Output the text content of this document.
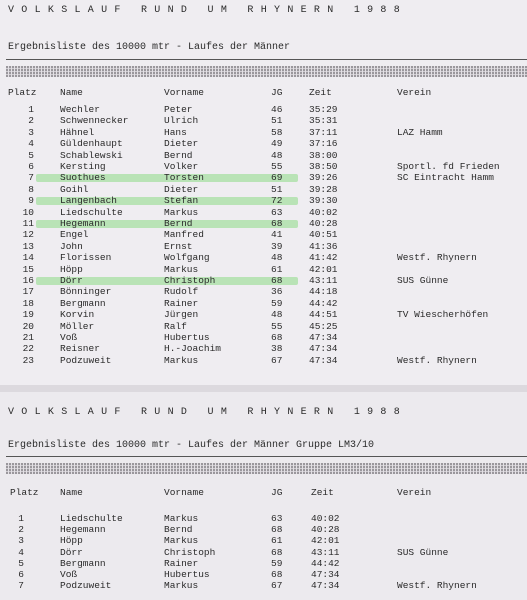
VOLKSLAUF RUND UM RHYNERN 1988
Ergebnisliste des 10000 mtr - Laufes der Männer
Platz Name	Vorname	JG	Zeit	Verein
1	Wechler	Peter	46	35:29
2	Schwennecker	Ulrich	51	35:31
3	Hähnel	Hans	58	37:11	LAZ Hamm
4	Güldenhaupt	Dieter	49	37:16
5	Schablewski	Bernd	48	38:00
6	Kersting	Volker	55	38:50	Sportl. fd Frieden
7	Suothues	Torsten	69	39:26	SC Eintracht Hamm
8	Goihl	Dieter	51	39:28
9	Langenbach	Stefan	72	39:30
10	Liedschulte	Markus	63	40:02
11	Hegemann	Bernd	68	40:28
12	Engel	Manfred	41	40:51
13	John	Ernst	39	41:36
14	Florissen	Wolfgang	48	41:42	Westf. Rhynern
15	Höpp	Markus	61	42:01
16	Dörr	Christoph	68	43:11	SUS Günne
17	Bönninger	Rudolf	36	44:18
18	Bergmann	Rainer	59	44:42
19	Korvin	Jürgen	48	44:51	TV Wiescherhöfen
20	Möller	Ralf	55	45:25
21	Voß	Hubertus	68	47:34
22	Reisner	H.-Joachim	38	47:34
23	Podzuweit	Markus	67	47:34	Westf. Rhynern
VOLKSLAUF RUND UM RHYNERN 1988
Ergebnisliste des 10000 mtr - Laufes der Männer Gruppe LM3/10
Platz Name	Vorname	JG	Zeit	Verein
1	Liedschulte	Markus	63	40:02
2	Hegemann	Bernd	68	40:28
3	Höpp	Markus	61	42:01
4	Dörr	Christoph	68	43:11	SUS Günne
5	Bergmann	Rainer	59	44:42
6	Voß	Hubertus	68	47:34
7	Podzuweit	Markus	67	47:34	Westf. Rhynern
